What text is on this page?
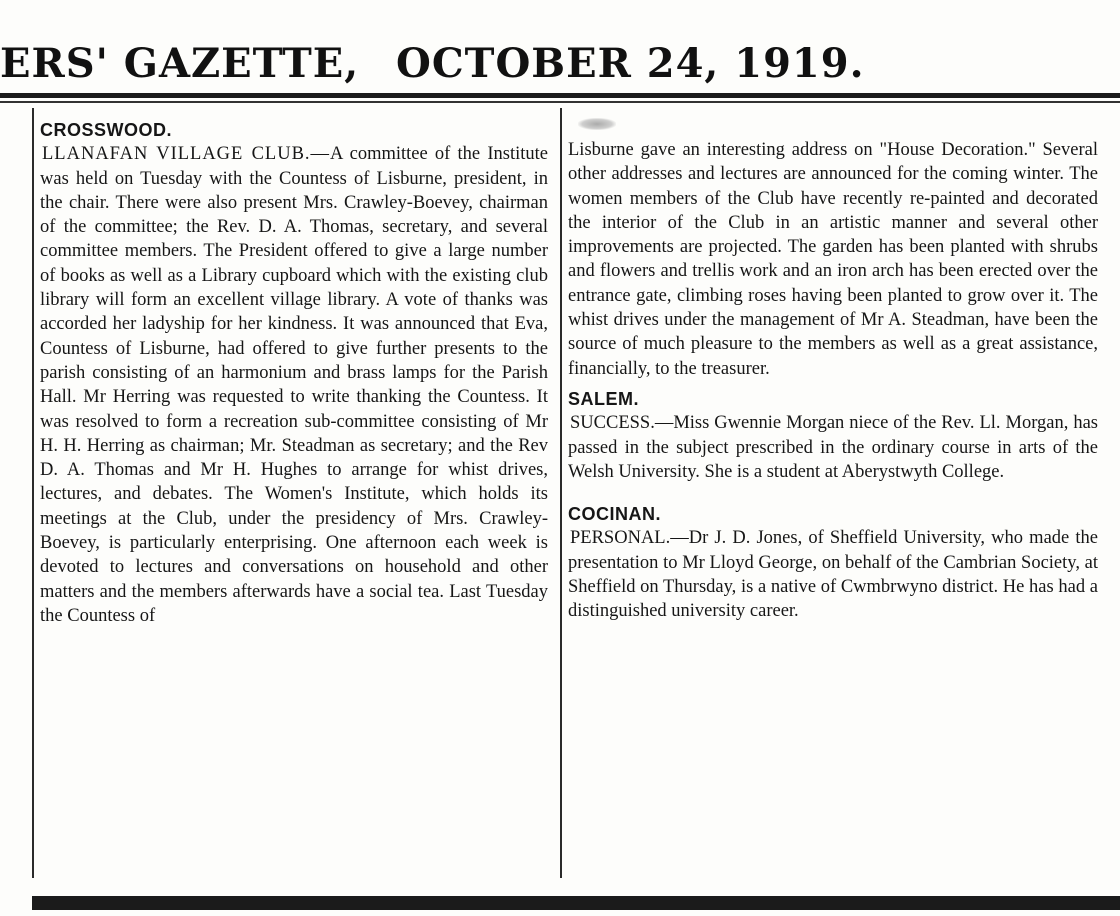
ERS' GAZETTE, OCTOBER 24, 1919.

CROSSWOOD.

LLANAFAN VILLAGE CLUB.—A committee of the Institute was held on Tuesday with the Countess of Lisburne, president, in the chair. There were also present Mrs. Crawley-Boevey, chairman of the committee; the Rev. D. A. Thomas, secretary, and several committee members. The President offered to give a large number of books as well as a Library cupboard which with the existing club library will form an excellent village library. A vote of thanks was accorded her ladyship for her kindness. It was announced that Eva, Countess of Lisburne, had offered to give further presents to the parish consisting of an harmonium and brass lamps for the Parish Hall. Mr Herring was requested to write thanking the Countess. It was resolved to form a recreation sub-committee consisting of Mr H. H. Herring as chairman; Mr. Steadman as secretary; and the Rev D. A. Thomas and Mr H. Hughes to arrange for whist drives, lectures, and debates. The Women's Institute, which holds its meetings at the Club, under the presidency of Mrs. Crawley-Boevey, is particularly enterprising. One afternoon each week is devoted to lectures and conversations on household and other matters and the members afterwards have a social tea. Last Tuesday the Countess of

Lisburne gave an interesting address on "House Decoration." Several other addresses and lectures are announced for the coming winter. The women members of the Club have recently re-painted and decorated the interior of the Club in an artistic manner and several other improvements are projected. The garden has been planted with shrubs and flowers and trellis work and an iron arch has been erected over the entrance gate, climbing roses having been planted to grow over it. The whist drives under the management of Mr A. Steadman, have been the source of much pleasure to the members as well as a great assistance, financially, to the treasurer.

SALEM.

SUCCESS.—Miss Gwennie Morgan niece of the Rev. Ll. Morgan, has passed in the subject prescribed in the ordinary course in arts of the Welsh University. She is a student at Aberystwyth College.

COCINAN.

PERSONAL.—Dr J. D. Jones, of Sheffield University, who made the presentation to Mr Lloyd George, on behalf of the Cambrian Society, at Sheffield on Thursday, is a native of Cwmbrwyno district. He has had a distinguished university career.
